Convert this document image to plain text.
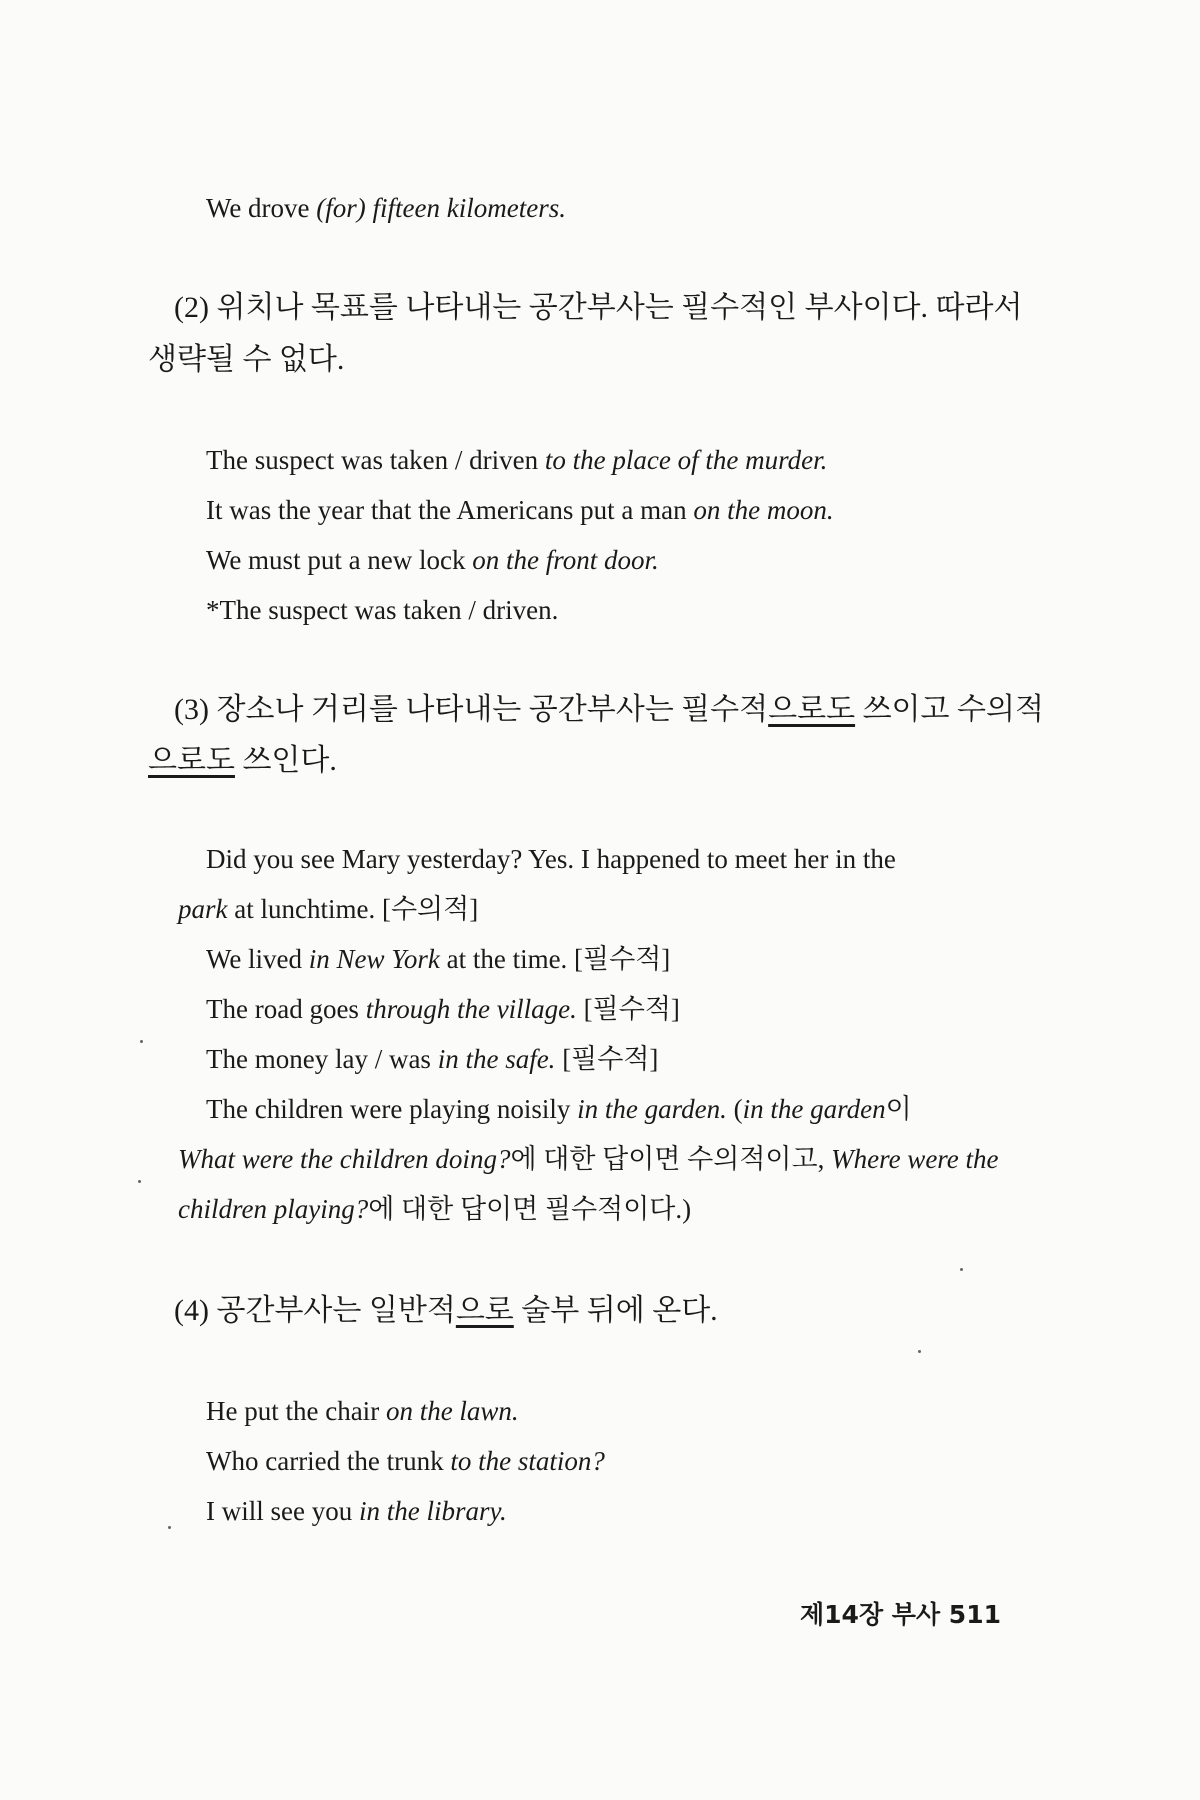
We drove (for) fifteen kilometers.
(2) 위치나 목표를 나타내는 공간부사는 필수적인 부사이다. 따라서
생략될 수 없다.
The suspect was taken / driven to the place of the murder.
It was the year that the Americans put a man on the moon.
We must put a new lock on the front door.
*The suspect was taken / driven.
(3) 장소나 거리를 나타내는 공간부사는 필수적으로도 쓰이고 수의적
으로도 쓰인다.
Did you see Mary yesterday? Yes. I happened to meet her in the
park at lunchtime. [수의적]
We lived in New York at the time. [필수적]
The road goes through the village. [필수적]
The money lay / was in the safe. [필수적]
The children were playing noisily in the garden. (in the garden이
What were the children doing?에 대한 답이면 수의적이고, Where were the
children playing?에 대한 답이면 필수적이다.)
(4) 공간부사는 일반적으로 술부 뒤에 온다.
He put the chair on the lawn.
Who carried the trunk to the station?
I will see you in the library.
제14장 부사 511
